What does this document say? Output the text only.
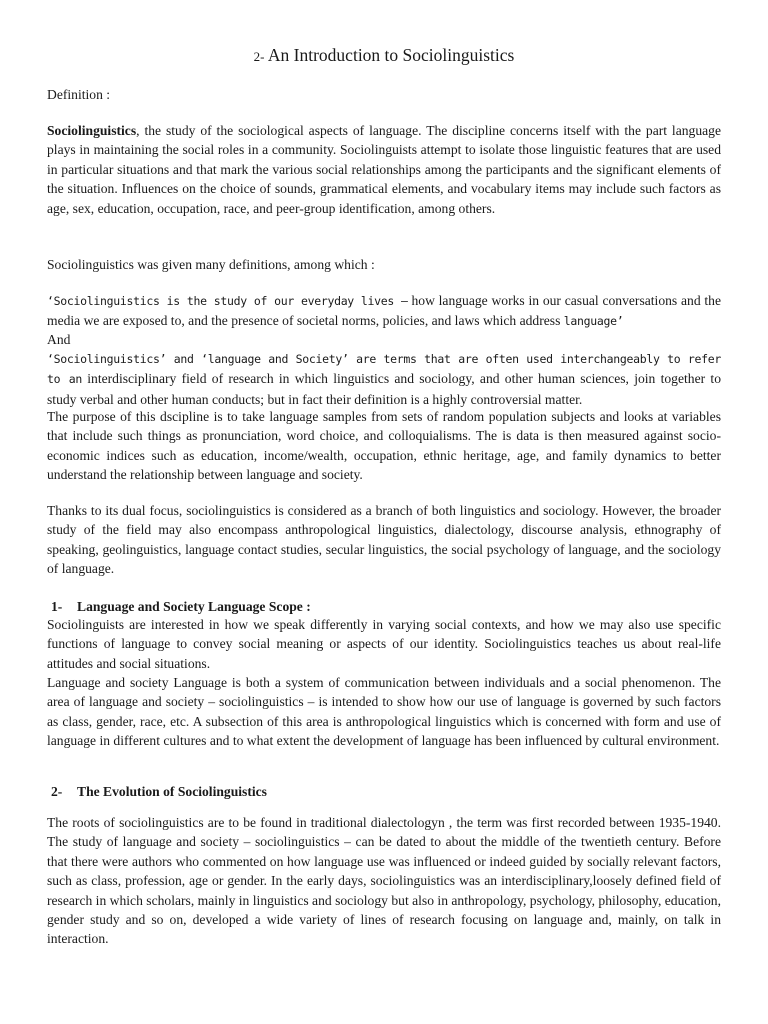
2- An Introduction to Sociolinguistics

Definition :

Sociolinguistics, the study of the sociological aspects of language. The discipline concerns itself with the part language plays in maintaining the social roles in a community. Sociolinguists attempt to isolate those linguistic features that are used in particular situations and that mark the various social relationships among the participants and the significant elements of the situation. Influences on the choice of sounds, grammatical elements, and vocabulary items may include such factors as age, sex, education, occupation, race, and peer-group identification, among others.

Sociolinguistics was given many definitions, among which :

‘Sociolinguistics is the study of our everyday lives – how language works in our casual conversations and the media we are exposed to, and the presence of societal norms, policies, and laws which address language’

And

‘Sociolinguistics’ and ‘language and Society’ are terms that are often used interchangeably to refer to an interdisciplinary field of research in which linguistics and sociology, and other human sciences, join together to study verbal and other human conducts; but in fact their definition is a highly controversial matter.

The purpose of this dscipline is to take language samples from sets of random population subjects and looks at variables that include such things as pronunciation, word choice, and colloquialisms. The is data is then measured against socio-economic indices such as education, income/wealth, occupation, ethnic heritage, age, and family dynamics to better understand the relationship between language and society.

Thanks to its dual focus, sociolinguistics is considered as a branch of both linguistics and sociology. However, the broader study of the field may also encompass anthropological linguistics, dialectology, discourse analysis, ethnography of speaking, geolinguistics, language contact studies, secular linguistics, the social psychology of language, and the sociology of language.

1- Language and Society Language Scope :

Sociolinguists are interested in how we speak differently in varying social contexts, and how we may also use specific functions of language to convey social meaning or aspects of our identity. Sociolinguistics teaches us about real-life attitudes and social situations.

Language and society Language is both a system of communication between individuals and a social phenomenon. The area of language and society – sociolinguistics – is intended to show how our use of language is governed by such factors as class, gender, race, etc. A subsection of this area is anthropological linguistics which is concerned with form and use of language in different cultures and to what extent the development of language has been influenced by cultural environment.

2- The Evolution of Sociolinguistics

The roots of sociolinguistics are to be found in traditional dialectologyn , the term was first recorded between 1935-1940. The study of language and society – sociolinguistics – can be dated to about the middle of the twentieth century. Before that there were authors who commented on how language use was influenced or indeed guided by socially relevant factors, such as class, profession, age or gender. In the early days, sociolinguistics was an interdisciplinary,loosely defined field of research in which scholars, mainly in linguistics and sociology but also in anthropology, psychology, philosophy, education, gender study and so on, developed a wide variety of lines of research focusing on language and, mainly, on talk in interaction.
